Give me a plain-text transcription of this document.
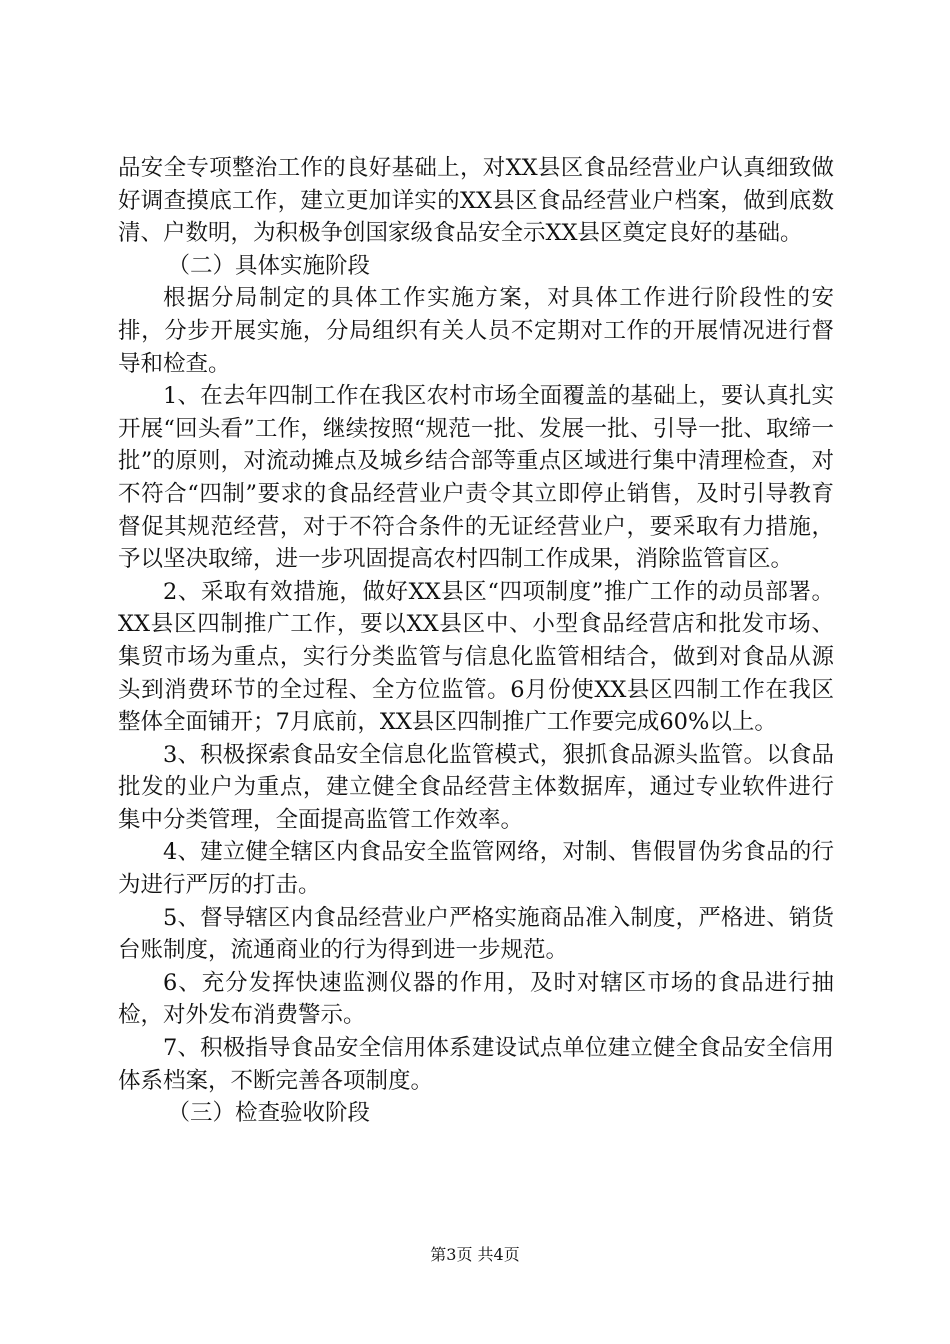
品安全专项整治工作的良好基础上，对XX县区食品经营业户认真细致做好调查摸底工作，建立更加详实的XX县区食品经营业户档案，做到底数清、户数明，为积极争创国家级食品安全示XX县区奠定良好的基础。

（二）具体实施阶段

根据分局制定的具体工作实施方案，对具体工作进行阶段性的安排，分步开展实施，分局组织有关人员不定期对工作的开展情况进行督导和检查。

1、在去年四制工作在我区农村市场全面覆盖的基础上，要认真扎实开展“回头看”工作，继续按照“规范一批、发展一批、引导一批、取缔一批”的原则，对流动摊点及城乡结合部等重点区域进行集中清理检查，对不符合“四制”要求的食品经营业户责令其立即停止销售，及时引导教育督促其规范经营，对于不符合条件的无证经营业户，要采取有力措施，予以坚决取缔，进一步巩固提高农村四制工作成果，消除监管盲区。

2、采取有效措施，做好XX县区“四项制度”推广工作的动员部署。XX县区四制推广工作，要以XX县区中、小型食品经营店和批发市场、集贸市场为重点，实行分类监管与信息化监管相结合，做到对食品从源头到消费环节的全过程、全方位监管。6月份使XX县区四制工作在我区整体全面铺开；7月底前，XX县区四制推广工作要完成60%以上。

3、积极探索食品安全信息化监管模式，狠抓食品源头监管。以食品批发的业户为重点，建立健全食品经营主体数据库，通过专业软件进行集中分类管理，全面提高监管工作效率。

4、建立健全辖区内食品安全监管网络，对制、售假冒伪劣食品的行为进行严厉的打击。

5、督导辖区内食品经营业户严格实施商品准入制度，严格进、销货台账制度，流通商业的行为得到进一步规范。

6、充分发挥快速监测仪器的作用，及时对辖区市场的食品进行抽检，对外发布消费警示。

7、积极指导食品安全信用体系建设试点单位建立健全食品安全信用体系档案，不断完善各项制度。

（三）检查验收阶段

第3页 共4页
